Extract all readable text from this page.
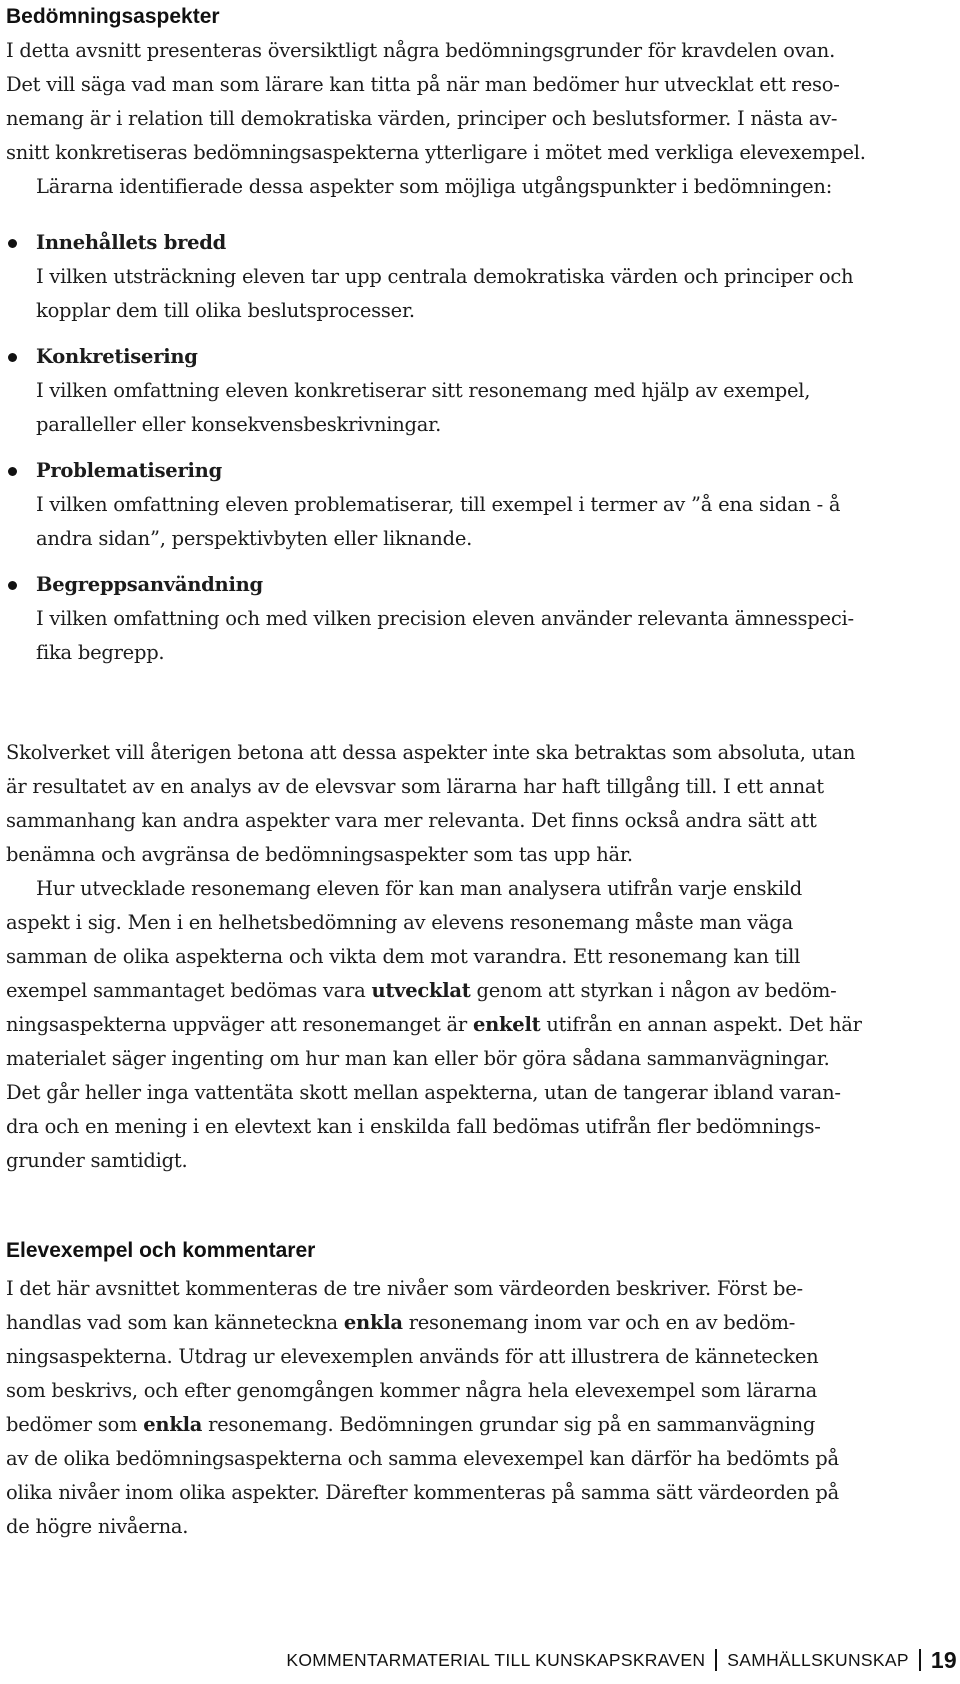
Bedömningsaspekter
I detta avsnitt presenteras översiktligt några bedömningsgrunder för kravdelen ovan.
Det vill säga vad man som lärare kan titta på när man bedömer hur utvecklat ett reso-
nemang är i relation till demokratiska värden, principer och beslutsformer. I nästa av-
snitt konkretiseras bedömningsaspekterna ytterligare i mötet med verkliga elevexempel.
Lärarna identifierade dessa aspekter som möjliga utgångspunkter i bedömningen:
Innehållets bredd
I vilken utsträckning eleven tar upp centrala demokratiska värden och principer och
kopplar dem till olika beslutsprocesser.
Konkretisering
I vilken omfattning eleven konkretiserar sitt resonemang med hjälp av exempel,
paralleller eller konsekvensbeskrivningar.
Problematisering
I vilken omfattning eleven problematiserar, till exempel i termer av ”å ena sidan - å
andra sidan”, perspektivbyten eller liknande.
Begreppsanvändning
I vilken omfattning och med vilken precision eleven använder relevanta ämnesspeci-
fika begrepp.
Skolverket vill återigen betona att dessa aspekter inte ska betraktas som absoluta, utan
är resultatet av en analys av de elevsvar som lärarna har haft tillgång till. I ett annat
sammanhang kan andra aspekter vara mer relevanta. Det finns också andra sätt att
benämna och avgränsa de bedömningsaspekter som tas upp här.
Hur utvecklade resonemang eleven för kan man analysera utifrån varje enskild
aspekt i sig. Men i en helhetsbedömning av elevens resonemang måste man väga
samman de olika aspekterna och vikta dem mot varandra. Ett resonemang kan till
exempel sammantaget bedömas vara utvecklat genom att styrkan i någon av bedöm-
ningsaspekterna uppväger att resonemanget är enkelt utifrån en annan aspekt. Det här
materialet säger ingenting om hur man kan eller bör göra sådana sammanvägningar.
Det går heller inga vattentäta skott mellan aspekterna, utan de tangerar ibland varan-
dra och en mening i en elevtext kan i enskilda fall bedömas utifrån fler bedömnings-
grunder samtidigt.
Elevexempel och kommentarer
I det här avsnittet kommenteras de tre nivåer som värdeorden beskriver. Först be-
handlas vad som kan känneteckna enkla resonemang inom var och en av bedöm-
ningsaspekterna. Utdrag ur elevexemplen används för att illustrera de kännetecken
som beskrivs, och efter genomgången kommer några hela elevexempel som lärarna
bedömer som enkla resonemang. Bedömningen grundar sig på en sammanvägning
av de olika bedömningsaspekterna och samma elevexempel kan därför ha bedömts på
olika nivåer inom olika aspekter. Därefter kommenteras på samma sätt värdeorden på
de högre nivåerna.
KOMMENTARMATERIAL TILL KUNSKAPSKRAVEN SAMHÄLLSKUNSKAP 19
